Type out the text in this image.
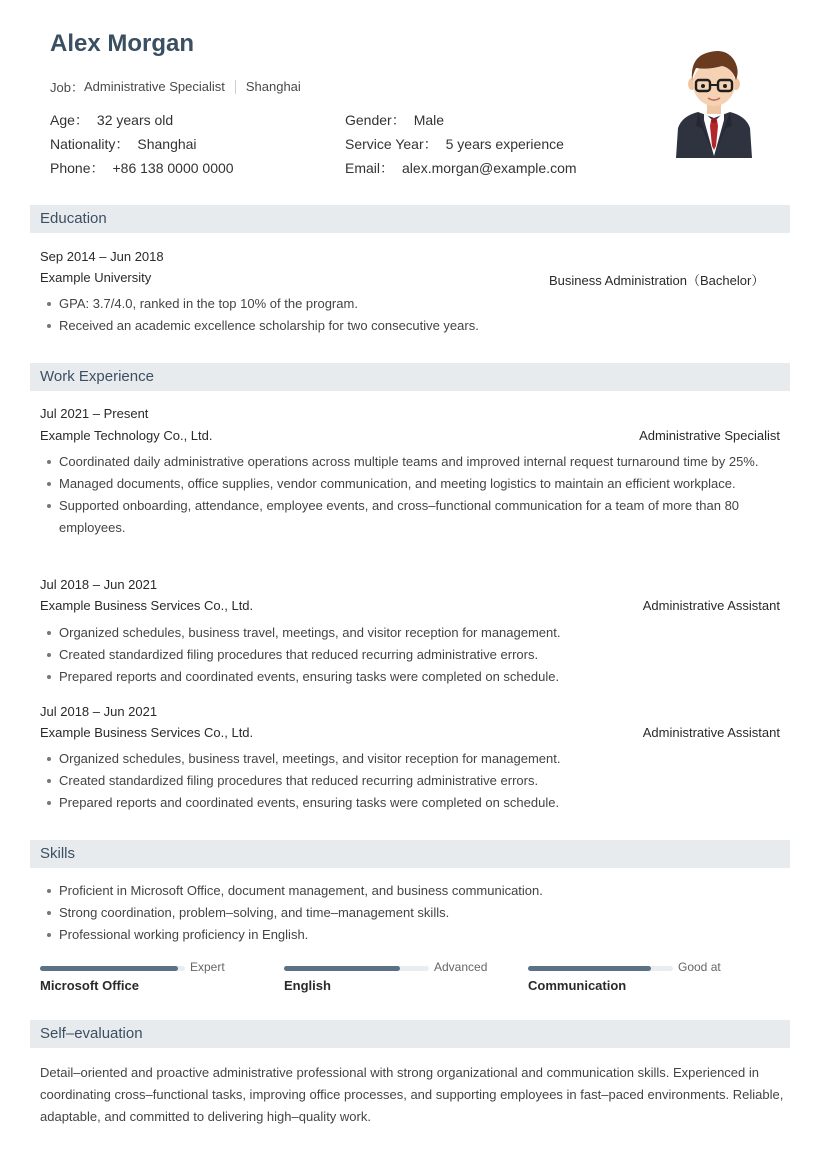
Alex Morgan
Job： Administrative Specialist Shanghai
Age： 32 years old	Gender： Male
Nationality： Shanghai	Service Year： 5 years experience
Phone： +86 138 0000 0000	Email： alex.morgan@example.com
Education
Sep 2014 – Jun 2018
Example University	Business Administration（Bachelor）
GPA: 3.7/4.0, ranked in the top 10% of the program.
Received an academic excellence scholarship for two consecutive years.
Work Experience
Jul 2021 – Present
Example Technology Co., Ltd.	Administrative Specialist
Coordinated daily administrative operations across multiple teams and improved internal request turnaround time by 25%.
Managed documents, office supplies, vendor communication, and meeting logistics to maintain an efficient workplace.
Supported onboarding, attendance, employee events, and cross–functional communication for a team of more than 80 employees.
Jul 2018 – Jun 2021
Example Business Services Co., Ltd.	Administrative Assistant
Organized schedules, business travel, meetings, and visitor reception for management.
Created standardized filing procedures that reduced recurring administrative errors.
Prepared reports and coordinated events, ensuring tasks were completed on schedule.
Jul 2018 – Jun 2021
Example Business Services Co., Ltd.	Administrative Assistant
Organized schedules, business travel, meetings, and visitor reception for management.
Created standardized filing procedures that reduced recurring administrative errors.
Prepared reports and coordinated events, ensuring tasks were completed on schedule.
Skills
Proficient in Microsoft Office, document management, and business communication.
Strong coordination, problem–solving, and time–management skills.
Professional working proficiency in English.
Expert
Microsoft Office
Advanced
English
Good at
Communication
Self–evaluation
Detail–oriented and proactive administrative professional with strong organizational and communication skills. Experienced in coordinating cross–functional tasks, improving office processes, and supporting employees in fast–paced environments. Reliable, adaptable, and committed to delivering high–quality work.
